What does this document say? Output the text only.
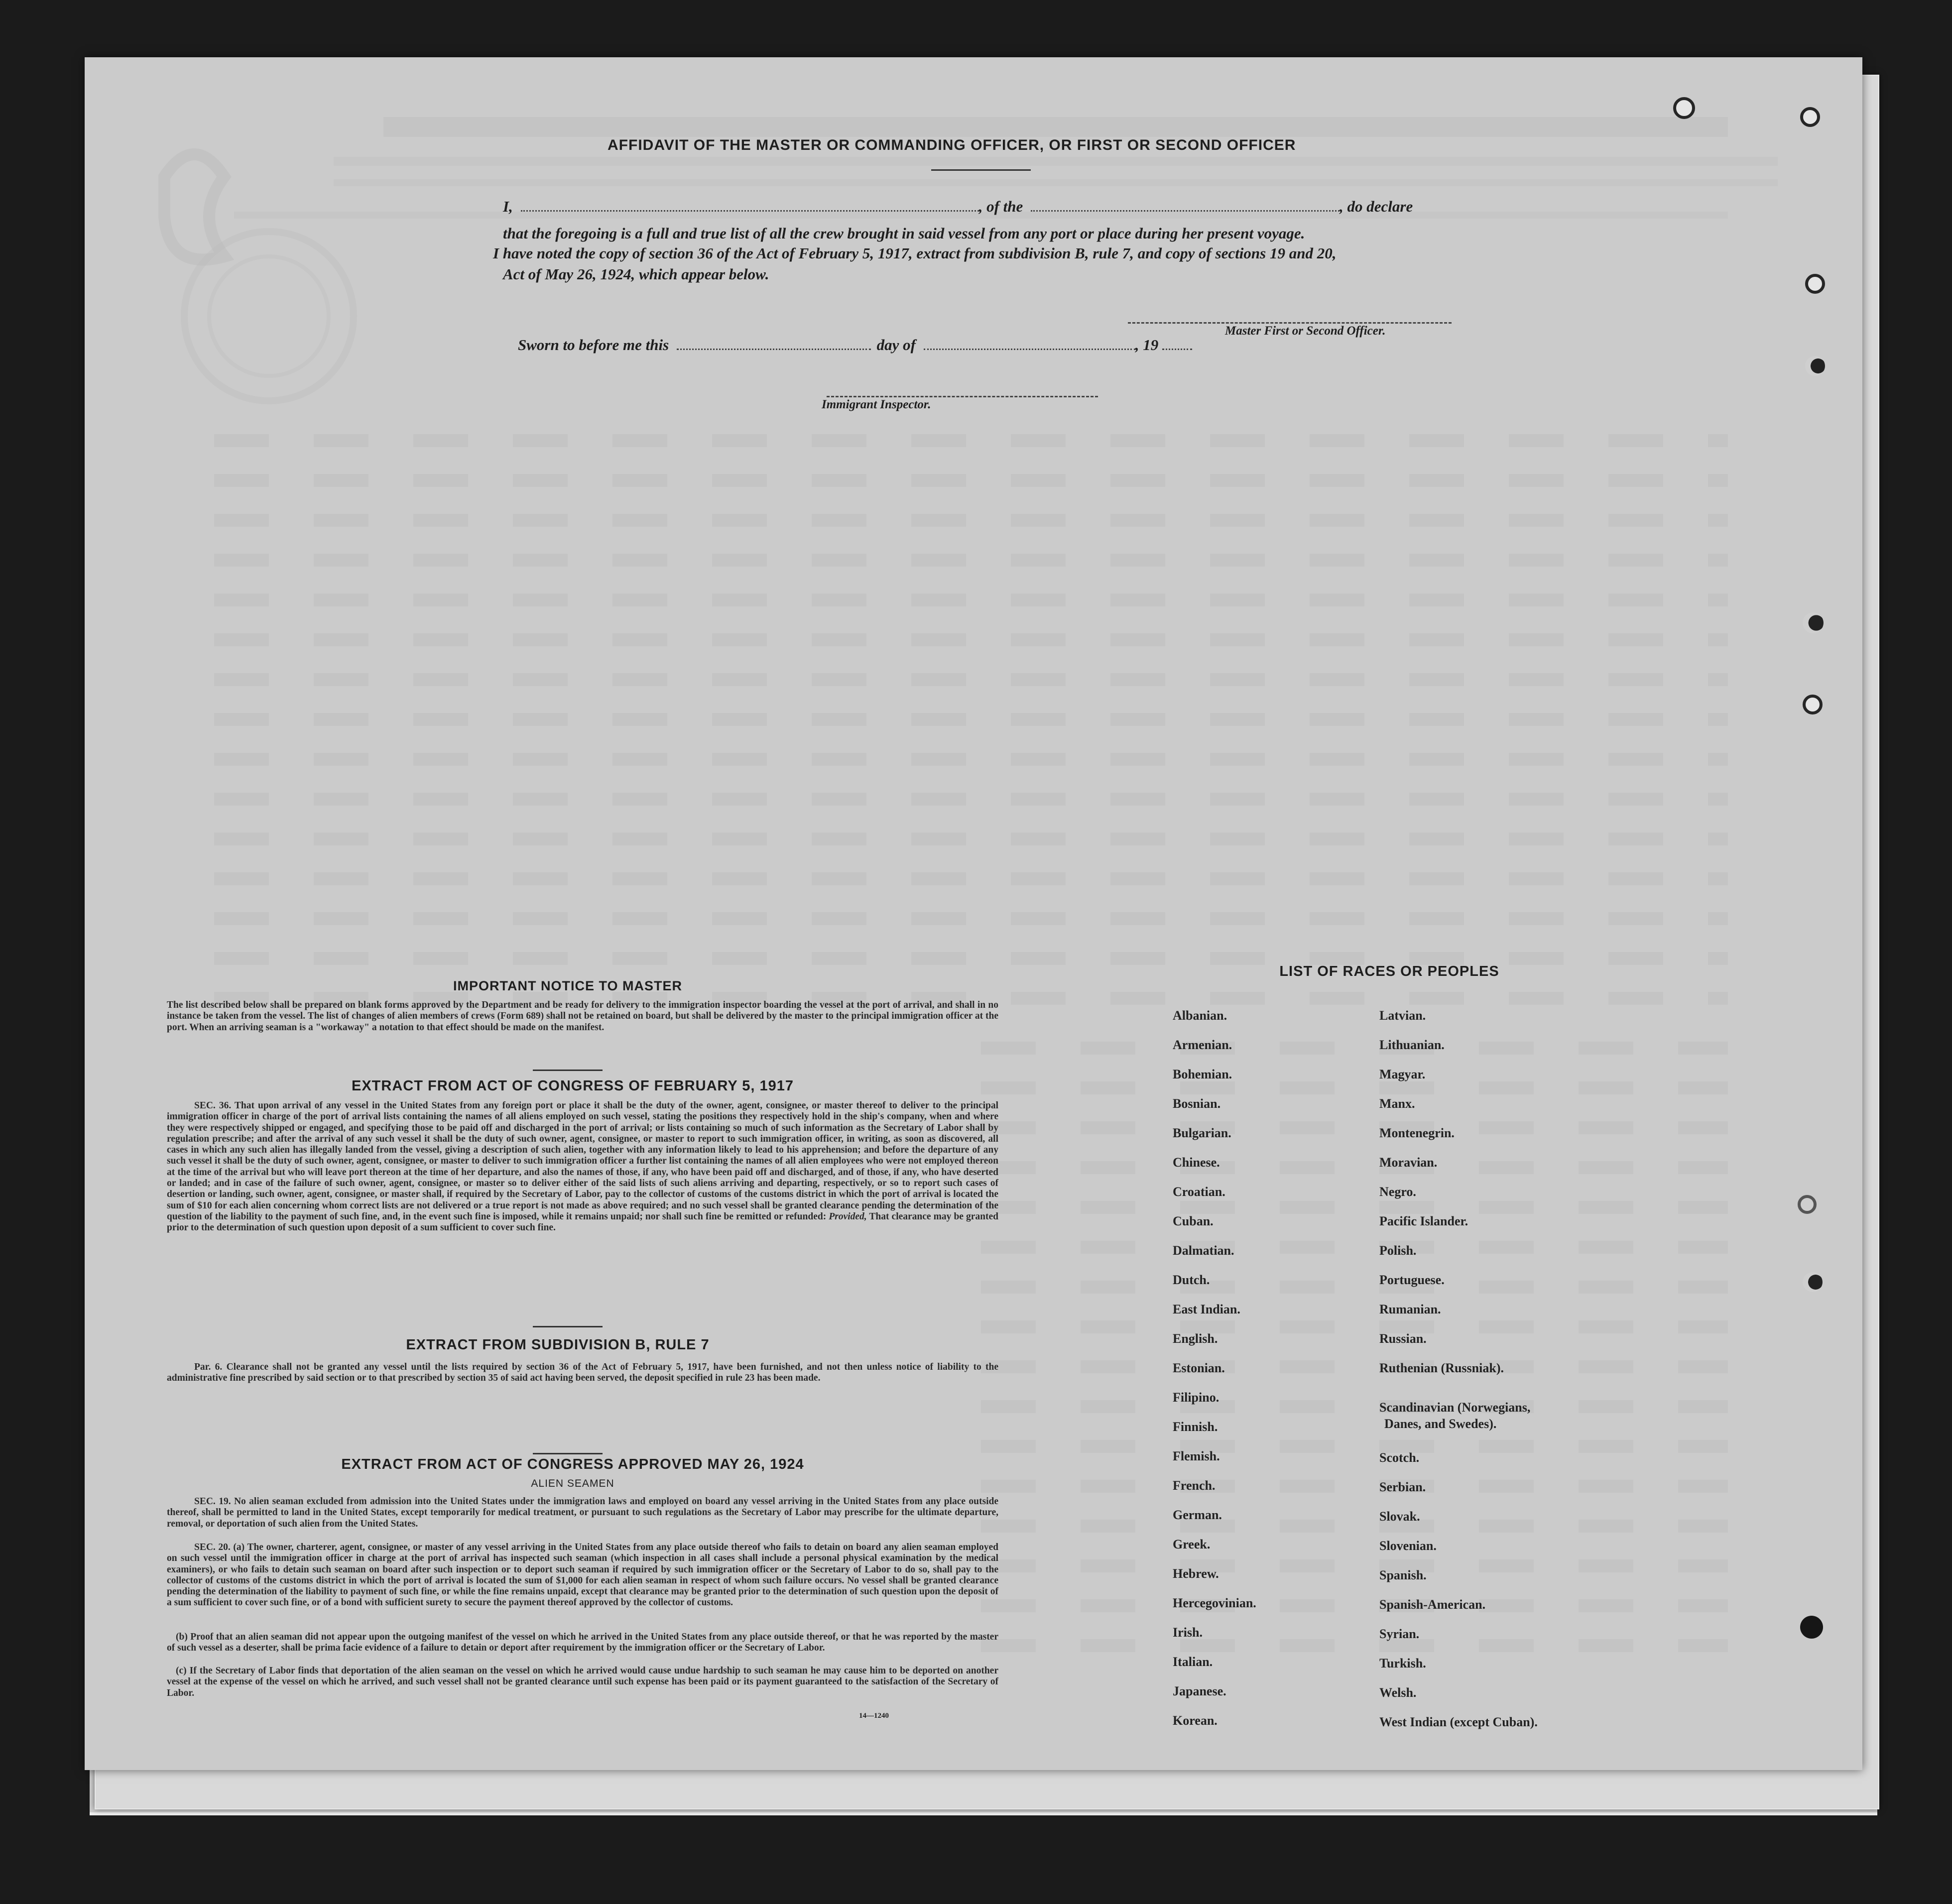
AFFIDAVIT OF THE MASTER OR COMMANDING OFFICER, OR FIRST OR SECOND OFFICER
I,	, of the	, do declare
that the foregoing is a full and true list of all the crew brought in said vessel from any port or place during her present voyage.
I have noted the copy of section 36 of the Act of February 5, 1917, extract from subdivision B, rule 7, and copy of sections 19 and 20,
Act of May 26, 1924, which appear below.
Master First or Second Officer.
Sworn to before me this	day of	, 19
Immigrant Inspector.
IMPORTANT NOTICE TO MASTER
The list described below shall be prepared on blank forms approved by the Department and be ready for delivery to the immigration inspector boarding the vessel at the port of arrival, and shall in no instance be taken from the vessel. The list of changes of alien members of crews (Form 689) shall not be retained on board, but shall be delivered by the master to the principal immigration officer at the port. When an arriving seaman is a "workaway" a notation to that effect should be made on the manifest.
EXTRACT FROM ACT OF CONGRESS OF FEBRUARY 5, 1917
SEC. 36. That upon arrival of any vessel in the United States from any foreign port or place it shall be the duty of the owner, agent, consignee, or master thereof to deliver to the principal immigration officer in charge of the port of arrival lists containing the names of all aliens employed on such vessel, stating the positions they respectively hold in the ship's company, when and where they were respectively shipped or engaged, and specifying those to be paid off and discharged in the port of arrival; or lists containing so much of such information as the Secretary of Labor shall by regulation prescribe; and after the arrival of any such vessel it shall be the duty of such owner, agent, consignee, or master to report to such immigration officer, in writing, as soon as discovered, all cases in which any such alien has illegally landed from the vessel, giving a description of such alien, together with any information likely to lead to his apprehension; and before the departure of any such vessel it shall be the duty of such owner, agent, consignee, or master to deliver to such immigration officer a further list containing the names of all alien employees who were not employed thereon at the time of the arrival but who will leave port thereon at the time of her departure, and also the names of those, if any, who have been paid off and discharged, and of those, if any, who have deserted or landed; and in case of the failure of such owner, agent, consignee, or master so to deliver either of the said lists of such aliens arriving and departing, respectively, or so to report such cases of desertion or landing, such owner, agent, consignee, or master shall, if required by the Secretary of Labor, pay to the collector of customs of the customs district in which the port of arrival is located the sum of $10 for each alien concerning whom correct lists are not delivered or a true report is not made as above required; and no such vessel shall be granted clearance pending the determination of the question of the liability to the payment of such fine, and, in the event such fine is imposed, while it remains unpaid; nor shall such fine be remitted or refunded: Provided, That clearance may be granted prior to the determination of such question upon deposit of a sum sufficient to cover such fine.
EXTRACT FROM SUBDIVISION B, RULE 7
Par. 6. Clearance shall not be granted any vessel until the lists required by section 36 of the Act of February 5, 1917, have been furnished, and not then unless notice of liability to the administrative fine prescribed by said section or to that prescribed by section 35 of said act having been served, the deposit specified in rule 23 has been made.
EXTRACT FROM ACT OF CONGRESS APPROVED MAY 26, 1924
ALIEN SEAMEN
SEC. 19. No alien seaman excluded from admission into the United States under the immigration laws and employed on board any vessel arriving in the United States from any place outside thereof, shall be permitted to land in the United States, except temporarily for medical treatment, or pursuant to such regulations as the Secretary of Labor may prescribe for the ultimate departure, removal, or deportation of such alien from the United States.
SEC. 20. (a) The owner, charterer, agent, consignee, or master of any vessel arriving in the United States from any place outside thereof who fails to detain on board any alien seaman employed on such vessel until the immigration officer in charge at the port of arrival has inspected such seaman (which inspection in all cases shall include a personal physical examination by the medical examiners), or who fails to detain such seaman on board after such inspection or to deport such seaman if required by such immigration officer or the Secretary of Labor to do so, shall pay to the collector of customs of the customs district in which the port of arrival is located the sum of $1,000 for each alien seaman in respect of whom such failure occurs. No vessel shall be granted clearance pending the determination of the liability to payment of such fine, or while the fine remains unpaid, except that clearance may be granted prior to the determination of such question upon the deposit of a sum sufficient to cover such fine, or of a bond with sufficient surety to secure the payment thereof approved by the collector of customs.
(b) Proof that an alien seaman did not appear upon the outgoing manifest of the vessel on which he arrived in the United States from any place outside thereof, or that he was reported by the master of such vessel as a deserter, shall be prima facie evidence of a failure to detain or deport after requirement by the immigration officer or the Secretary of Labor.
(c) If the Secretary of Labor finds that deportation of the alien seaman on the vessel on which he arrived would cause undue hardship to such seaman he may cause him to be deported on another vessel at the expense of the vessel on which he arrived, and such vessel shall not be granted clearance until such expense has been paid or its payment guaranteed to the satisfaction of the Secretary of Labor.
14—1240
LIST OF RACES OR PEOPLES
Albanian.
Armenian.
Bohemian.
Bosnian.
Bulgarian.
Chinese.
Croatian.
Cuban.
Dalmatian.
Dutch.
East Indian.
English.
Estonian.
Filipino.
Finnish.
Flemish.
French.
German.
Greek.
Hebrew.
Hercegovinian.
Irish.
Italian.
Japanese.
Korean.
Latvian.
Lithuanian.
Magyar.
Manx.
Montenegrin.
Moravian.
Negro.
Pacific Islander.
Polish.
Portuguese.
Rumanian.
Russian.
Ruthenian (Russniak).
Scandinavian (Norwegians,
Danes, and Swedes).
Scotch.
Serbian.
Slovak.
Slovenian.
Spanish.
Spanish-American.
Syrian.
Turkish.
Welsh.
West Indian (except Cuban).
